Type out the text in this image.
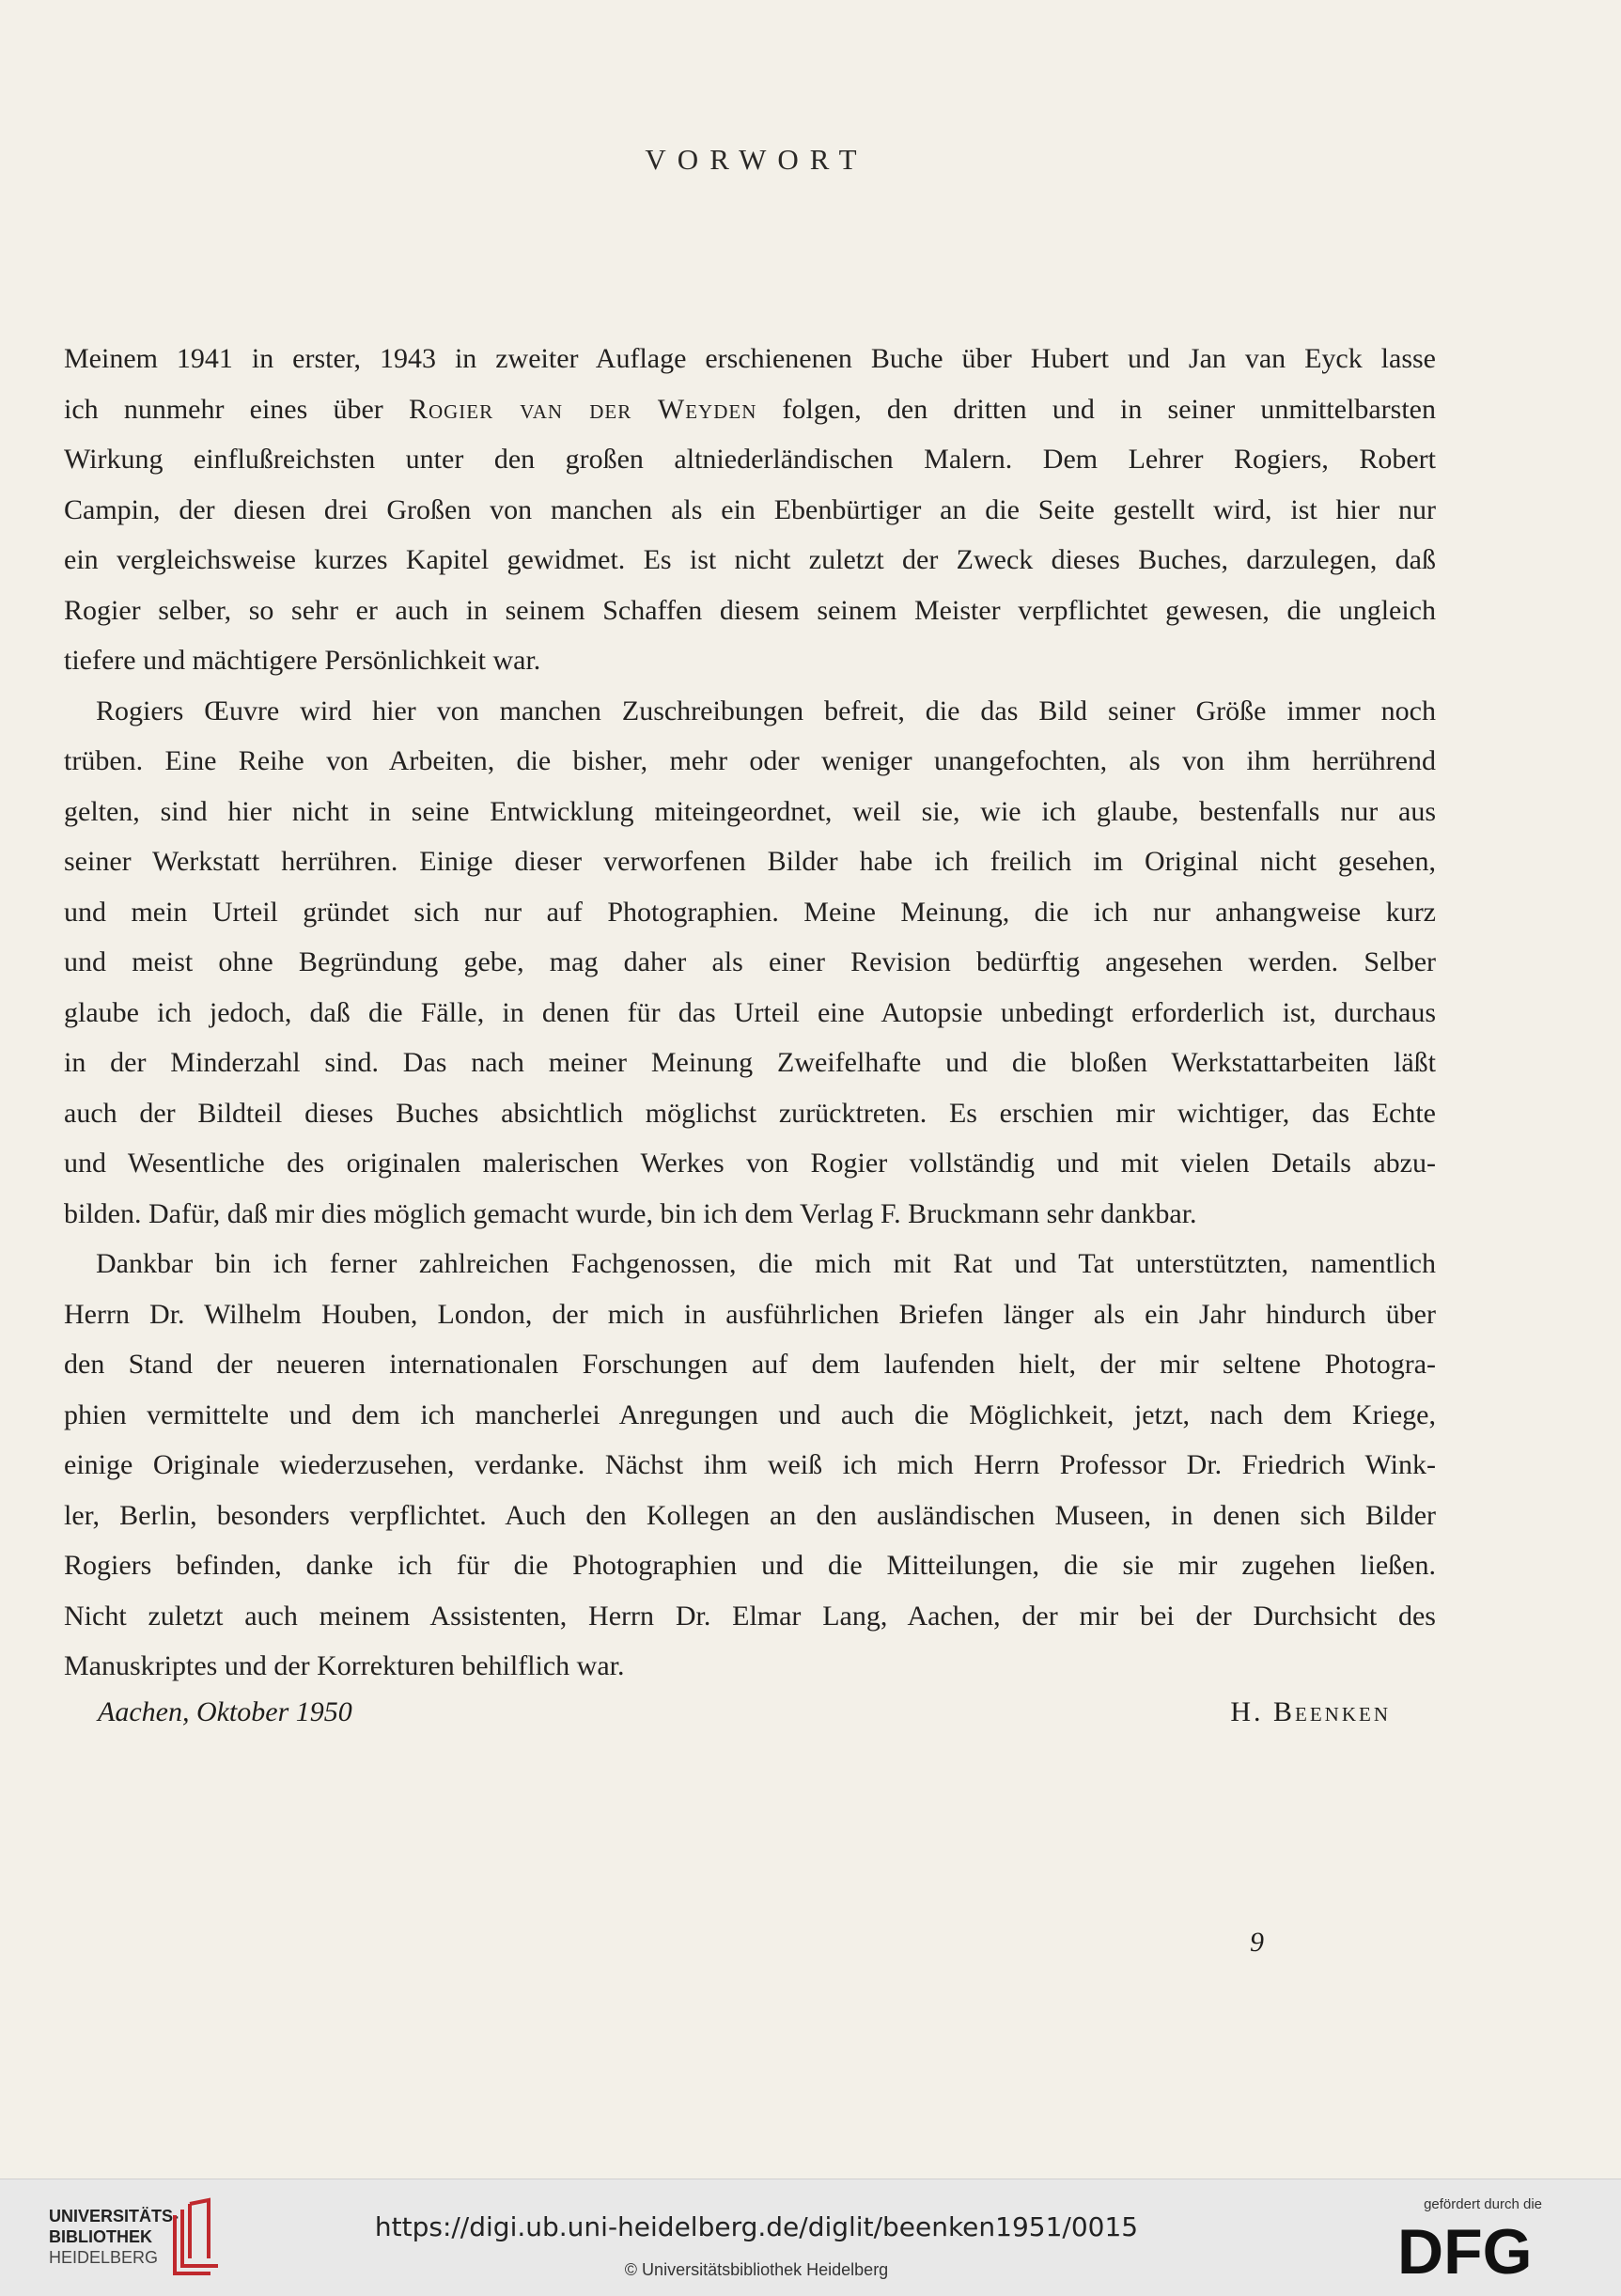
VORWORT

Meinem 1941 in erster, 1943 in zweiter Auflage erschienenen Buche über Hubert und Jan van Eyck lasse
ich nunmehr eines über Rogier van der Weyden folgen, den dritten und in seiner unmittelbarsten
Wirkung einflußreichsten unter den großen altniederländischen Malern. Dem Lehrer Rogiers, Robert
Campin, der diesen drei Großen von manchen als ein Ebenbürtiger an die Seite gestellt wird, ist hier nur
ein vergleichsweise kurzes Kapitel gewidmet. Es ist nicht zuletzt der Zweck dieses Buches, darzulegen, daß
Rogier selber, so sehr er auch in seinem Schaffen diesem seinem Meister verpflichtet gewesen, die ungleich
tiefere und mächtigere Persönlichkeit war.

Rogiers Œuvre wird hier von manchen Zuschreibungen befreit, die das Bild seiner Größe immer noch
trüben. Eine Reihe von Arbeiten, die bisher, mehr oder weniger unangefochten, als von ihm herrührend
gelten, sind hier nicht in seine Entwicklung miteingeordnet, weil sie, wie ich glaube, bestenfalls nur aus
seiner Werkstatt herrühren. Einige dieser verworfenen Bilder habe ich freilich im Original nicht gesehen,
und mein Urteil gründet sich nur auf Photographien. Meine Meinung, die ich nur anhangweise kurz
und meist ohne Begründung gebe, mag daher als einer Revision bedürftig angesehen werden. Selber
glaube ich jedoch, daß die Fälle, in denen für das Urteil eine Autopsie unbedingt erforderlich ist, durchaus
in der Minderzahl sind. Das nach meiner Meinung Zweifelhafte und die bloßen Werkstattarbeiten läßt
auch der Bildteil dieses Buches absichtlich möglichst zurücktreten. Es erschien mir wichtiger, das Echte
und Wesentliche des originalen malerischen Werkes von Rogier vollständig und mit vielen Details abzu-
bilden. Dafür, daß mir dies möglich gemacht wurde, bin ich dem Verlag F. Bruckmann sehr dankbar.

Dankbar bin ich ferner zahlreichen Fachgenossen, die mich mit Rat und Tat unterstützten, namentlich
Herrn Dr. Wilhelm Houben, London, der mich in ausführlichen Briefen länger als ein Jahr hindurch über
den Stand der neueren internationalen Forschungen auf dem laufenden hielt, der mir seltene Photogra-
phien vermittelte und dem ich mancherlei Anregungen und auch die Möglichkeit, jetzt, nach dem Kriege,
einige Originale wiederzusehen, verdanke. Nächst ihm weiß ich mich Herrn Professor Dr. Friedrich Wink-
ler, Berlin, besonders verpflichtet. Auch den Kollegen an den ausländischen Museen, in denen sich Bilder
Rogiers befinden, danke ich für die Photographien und die Mitteilungen, die sie mir zugehen ließen.
Nicht zuletzt auch meinem Assistenten, Herrn Dr. Elmar Lang, Aachen, der mir bei der Durchsicht des
Manuskriptes und der Korrekturen behilflich war.

Aachen, Oktober 1950	H. Beenken
9
UNIVERSITÄTS-
BIBLIOTHEK
HEIDELBERG
https://digi.ub.uni-heidelberg.de/diglit/beenken1951/0015
© Universitätsbibliothek Heidelberg
gefördert durch die
DFG
